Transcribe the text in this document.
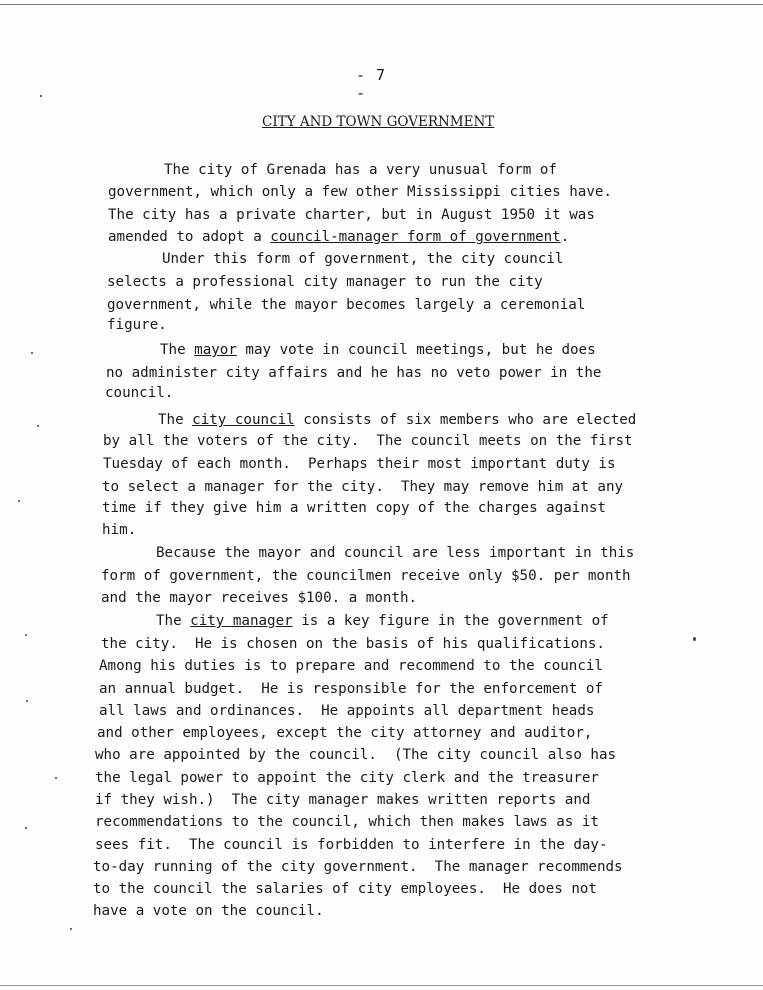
- 7 -
CITY AND TOWN GOVERNMENT
The city of Grenada has a very unusual form of
government, which only a few other Mississippi cities have.
The city has a private charter, but in August 1950 it was
amended to adopt a council-manager form of government.
Under this form of government, the city council
selects a professional city manager to run the city
government, while the mayor becomes largely a ceremonial
figure.
The mayor may vote in council meetings, but he does
no administer city affairs and he has no veto power in the
council.
The city council consists of six members who are elected
by all the voters of the city.  The council meets on the first
Tuesday of each month.  Perhaps their most important duty is
to select a manager for the city.  They may remove him at any
time if they give him a written copy of the charges against
him.
Because the mayor and council are less important in this
form of government, the councilmen receive only $50. per month
and the mayor receives $100. a month.
The city manager is a key figure in the government of
the city.  He is chosen on the basis of his qualifications.
Among his duties is to prepare and recommend to the council
an annual budget.  He is responsible for the enforcement of
all laws and ordinances.  He appoints all department heads
and other employees, except the city attorney and auditor,
who are appointed by the council.  (The city council also has
the legal power to appoint the city clerk and the treasurer
if they wish.)  The city manager makes written reports and
recommendations to the council, which then makes laws as it
sees fit.  The council is forbidden to interfere in the day-
to-day running of the city government.  The manager recommends
to the council the salaries of city employees.  He does not
have a vote on the council.
